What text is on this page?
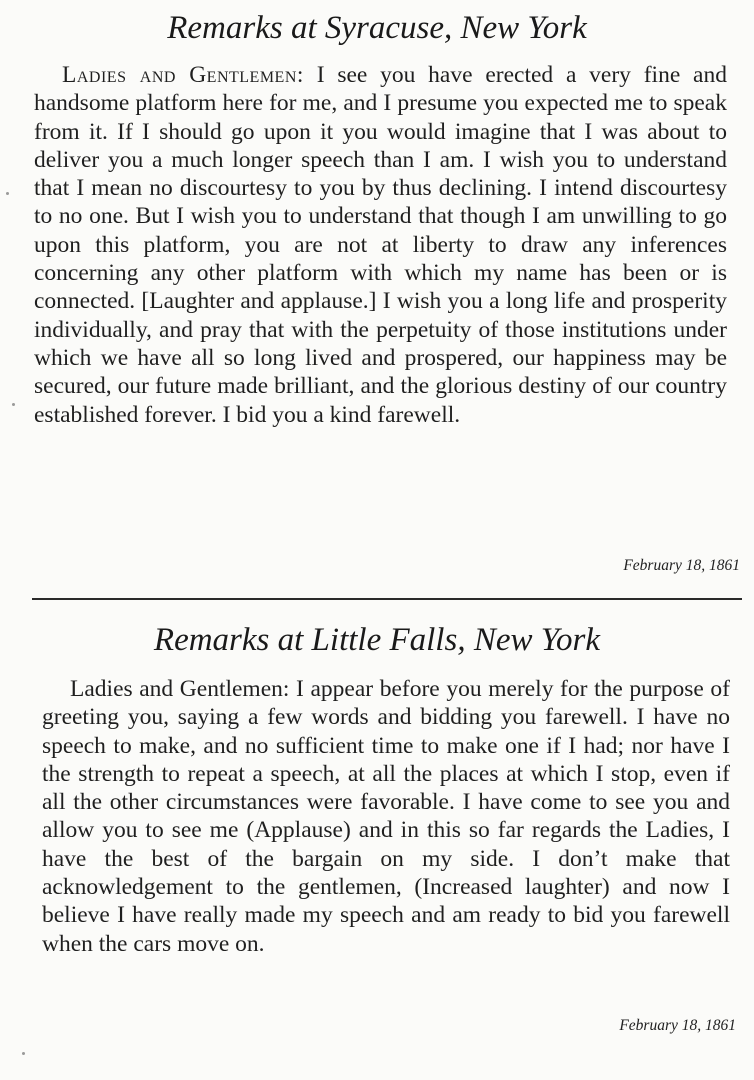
Remarks at Syracuse, New York
Ladies and Gentlemen: I see you have erected a very fine and handsome platform here for me, and I presume you expected me to speak from it. If I should go upon it you would imagine that I was about to deliver you a much longer speech than I am. I wish you to understand that I mean no discourtesy to you by thus declining. I intend discourtesy to no one. But I wish you to understand that though I am unwilling to go upon this platform, you are not at liberty to draw any inferences concerning any other platform with which my name has been or is connected. [Laughter and applause.] I wish you a long life and prosperity individually, and pray that with the perpetuity of those institutions under which we have all so long lived and prospered, our happiness may be secured, our future made brilliant, and the glorious destiny of our country established forever. I bid you a kind farewell.
February 18, 1861
Remarks at Little Falls, New York
Ladies and Gentlemen: I appear before you merely for the purpose of greeting you, saying a few words and bidding you farewell. I have no speech to make, and no sufficient time to make one if I had; nor have I the strength to repeat a speech, at all the places at which I stop, even if all the other circumstances were favorable. I have come to see you and allow you to see me (Applause) and in this so far regards the Ladies, I have the best of the bargain on my side. I don’t make that acknowledgement to the gentlemen, (Increased laughter) and now I believe I have really made my speech and am ready to bid you farewell when the cars move on.
February 18, 1861
